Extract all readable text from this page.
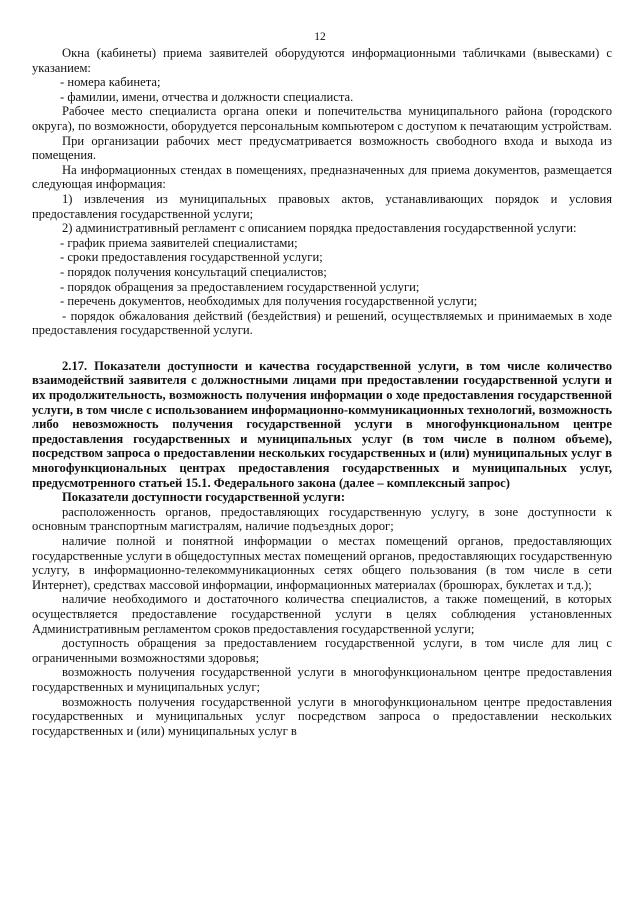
12

Окна (кабинеты) приема заявителей оборудуются информационными табличками (вывесками) с указанием:

- номера кабинета;

- фамилии, имени, отчества и должности специалиста.

Рабочее место специалиста органа опеки и попечительства муниципального района (городского округа), по возможности, оборудуется персональным компьютером с доступом к печатающим устройствам.

При организации рабочих мест предусматривается возможность свободного входа и выхода из помещения.

На информационных стендах в помещениях, предназначенных для приема документов, размещается следующая информация:

1) извлечения из муниципальных правовых актов, устанавливающих порядок и условия предоставления государственной услуги;

2) административный регламент с описанием порядка предоставления государственной услуги:

- график приема заявителей специалистами;

- сроки предоставления государственной услуги;

- порядок получения консультаций специалистов;

- порядок обращения за предоставлением государственной услуги;

- перечень документов, необходимых для получения государственной услуги;

- порядок обжалования действий (бездействия) и решений, осуществляемых и принимаемых в ходе предоставления государственной услуги.

2.17. Показатели доступности и качества государственной услуги, в том числе количество взаимодействий заявителя с должностными лицами при предоставлении государственной услуги и их продолжительность, возможность получения информации о ходе предоставления государственной услуги, в том числе с использованием информационно-коммуникационных технологий, возможность либо невозможность получения государственной услуги в многофункциональном центре предоставления государственных и муниципальных услуг (в том числе в полном объеме), посредством запроса о предоставлении нескольких государственных и (или) муниципальных услуг в многофункциональных центрах предоставления государственных и муниципальных услуг, предусмотренного статьей 15.1. Федерального закона (далее – комплексный запрос)

Показатели доступности государственной услуги:

расположенность органов, предоставляющих государственную услугу, в зоне доступности к основным транспортным магистралям, наличие подъездных дорог;

наличие полной и понятной информации о местах помещений органов, предоставляющих государственные услуги в общедоступных местах помещений органов, предоставляющих государственную услугу, в информационно-телекоммуникационных сетях общего пользования (в том числе в сети Интернет), средствах массовой информации, информационных материалах (брошюрах, буклетах и т.д.);

наличие необходимого и достаточного количества специалистов, а также помещений, в которых осуществляется предоставление государственной услуги в целях соблюдения установленных Административным регламентом сроков предоставления государственной услуги;

доступность обращения за предоставлением государственной услуги, в том числе для лиц с ограниченными возможностями здоровья;

возможность получения государственной услуги в многофункциональном центре предоставления государственных и муниципальных услуг;

возможность получения государственной услуги в многофункциональном центре предоставления государственных и муниципальных услуг посредством запроса о предоставлении нескольких государственных и (или) муниципальных услуг в
